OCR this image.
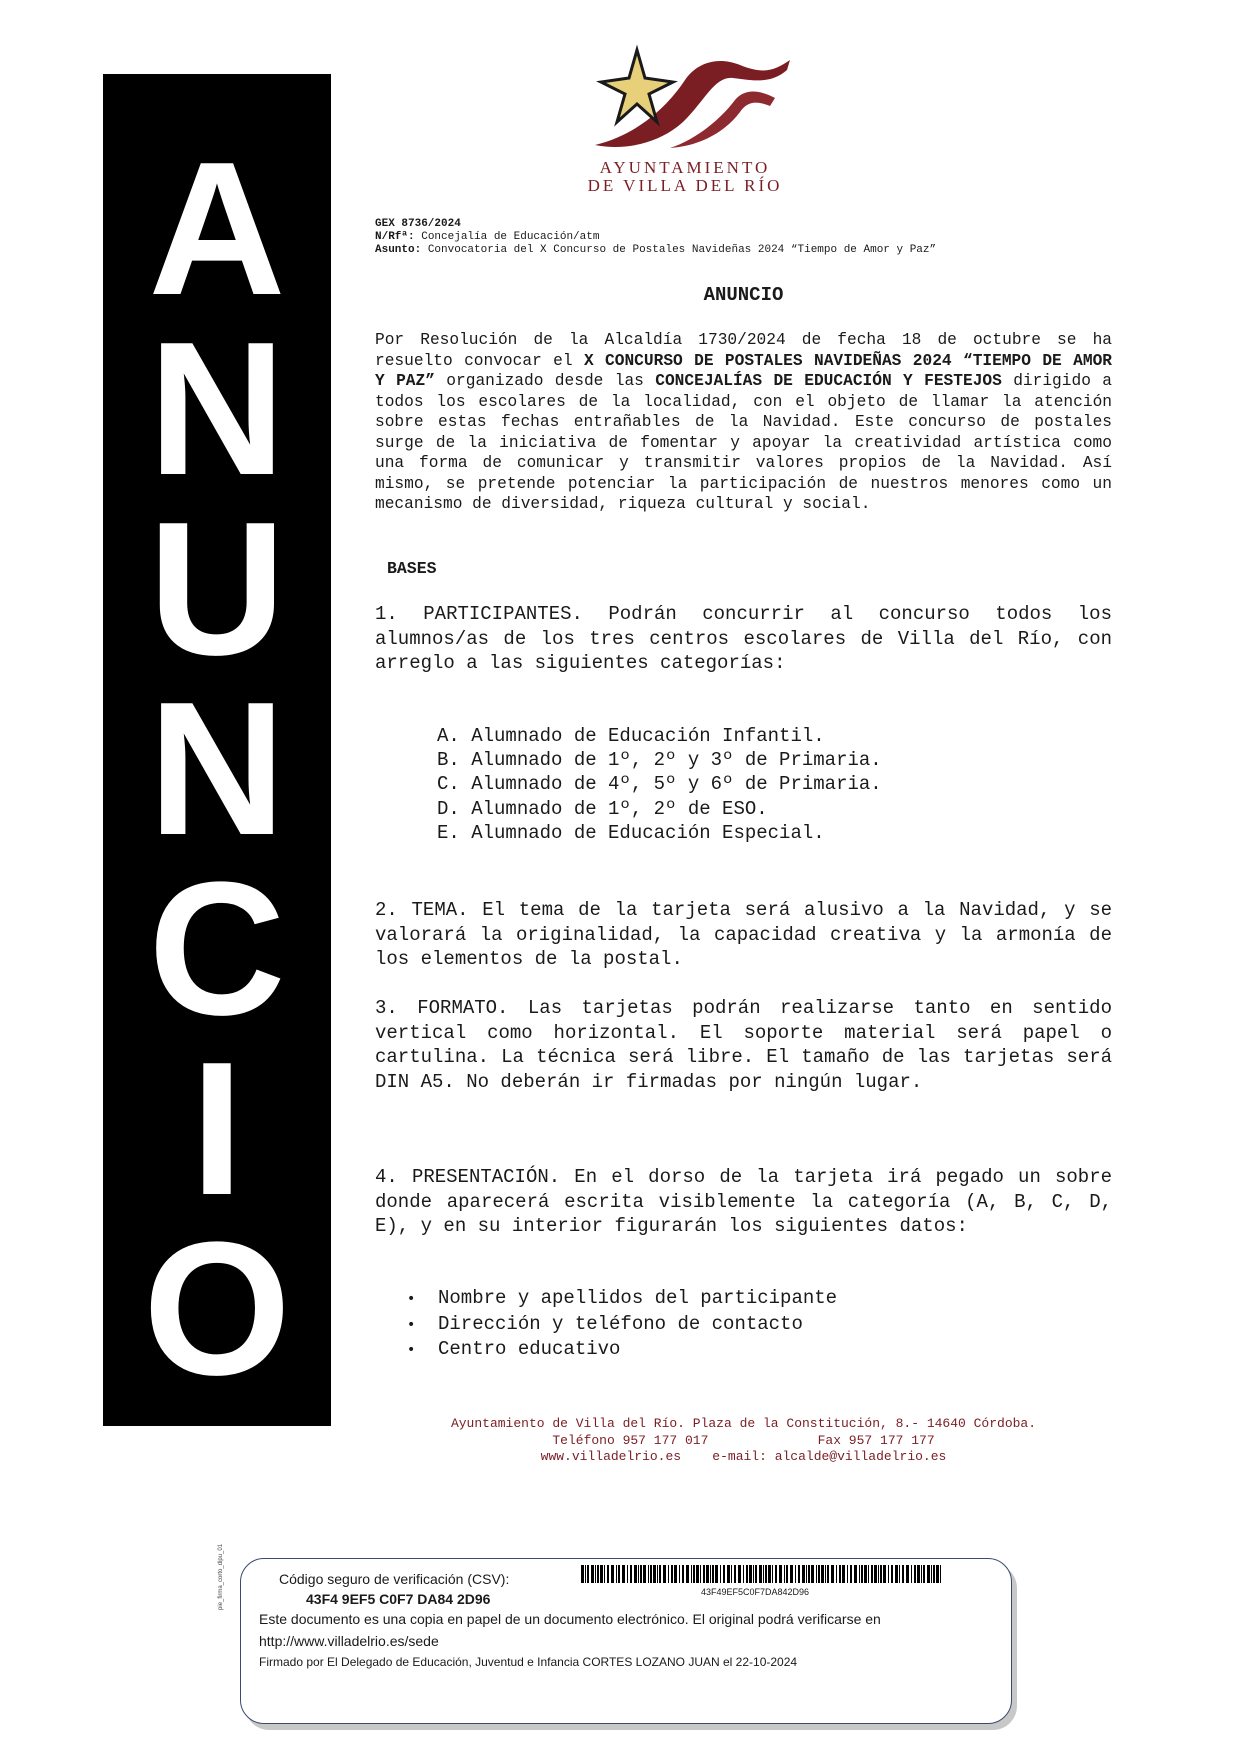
A
N
U
N
C
I
O
AYUNTAMIENTO
DE VILLA DEL RÍO
GEX 8736/2024
N/Rfª: Concejalía de Educación/atm
Asunto: Convocatoria del X Concurso de Postales Navideñas 2024 “Tiempo de Amor y Paz”
ANUNCIO
Por Resolución de la Alcaldía 1730/2024 de fecha 18 de octubre se ha resuelto convocar el X CONCURSO DE POSTALES NAVIDEÑAS 2024 “TIEMPO DE AMOR Y PAZ” organizado desde las CONCEJALÍAS DE EDUCACIÓN Y FESTEJOS dirigido a todos los escolares de la localidad, con el objeto de llamar la atención sobre estas fechas entrañables de la Navidad. Este concurso de postales surge de la iniciativa de fomentar y apoyar la creatividad artística como una forma de comunicar y transmitir valores propios de la Navidad. Así mismo, se pretende potenciar la participación de nuestros menores como un mecanismo de diversidad, riqueza cultural y social.
BASES
1. PARTICIPANTES. Podrán concurrir al concurso todos los alumnos/as de los tres centros escolares de Villa del Río, con arreglo a las siguientes categorías:
A. Alumnado de Educación Infantil.
B. Alumnado de 1º, 2º y 3º de Primaria.
C. Alumnado de 4º, 5º y 6º de Primaria.
D. Alumnado de 1º, 2º de ESO.
E. Alumnado de Educación Especial.
2. TEMA. El tema de la tarjeta será alusivo a la Navidad, y se valorará la originalidad, la capacidad creativa y la armonía de los elementos de la postal.
3. FORMATO. Las tarjetas podrán realizarse tanto en sentido vertical como horizontal. El soporte material será papel o cartulina. La técnica será libre. El tamaño de las tarjetas será DIN A5. No deberán ir firmadas por ningún lugar.
4. PRESENTACIÓN. En el dorso de la tarjeta irá pegado un sobre donde aparecerá escrita visiblemente la categoría (A, B, C, D, E), y en su interior figurarán los siguientes datos:
• Nombre y apellidos del participante
• Dirección y teléfono de contacto
• Centro educativo
Ayuntamiento de Villa del Río. Plaza de la Constitución, 8.- 14640 Córdoba.
Teléfono 957 177 017              Fax 957 177 177
www.villadelrio.es    e-mail: alcalde@villadelrio.es
pie_firma_corto_dipu_01	Código seguro de verificación (CSV):
43F4 9EF5 C0F7 DA84 2D96	43F49EF5C0F7DA842D96
Este documento es una copia en papel de un documento electrónico. El original podrá verificarse en
http://www.villadelrio.es/sede
Firmado por El Delegado de Educación, Juventud e Infancia CORTES LOZANO JUAN el 22-10-2024
